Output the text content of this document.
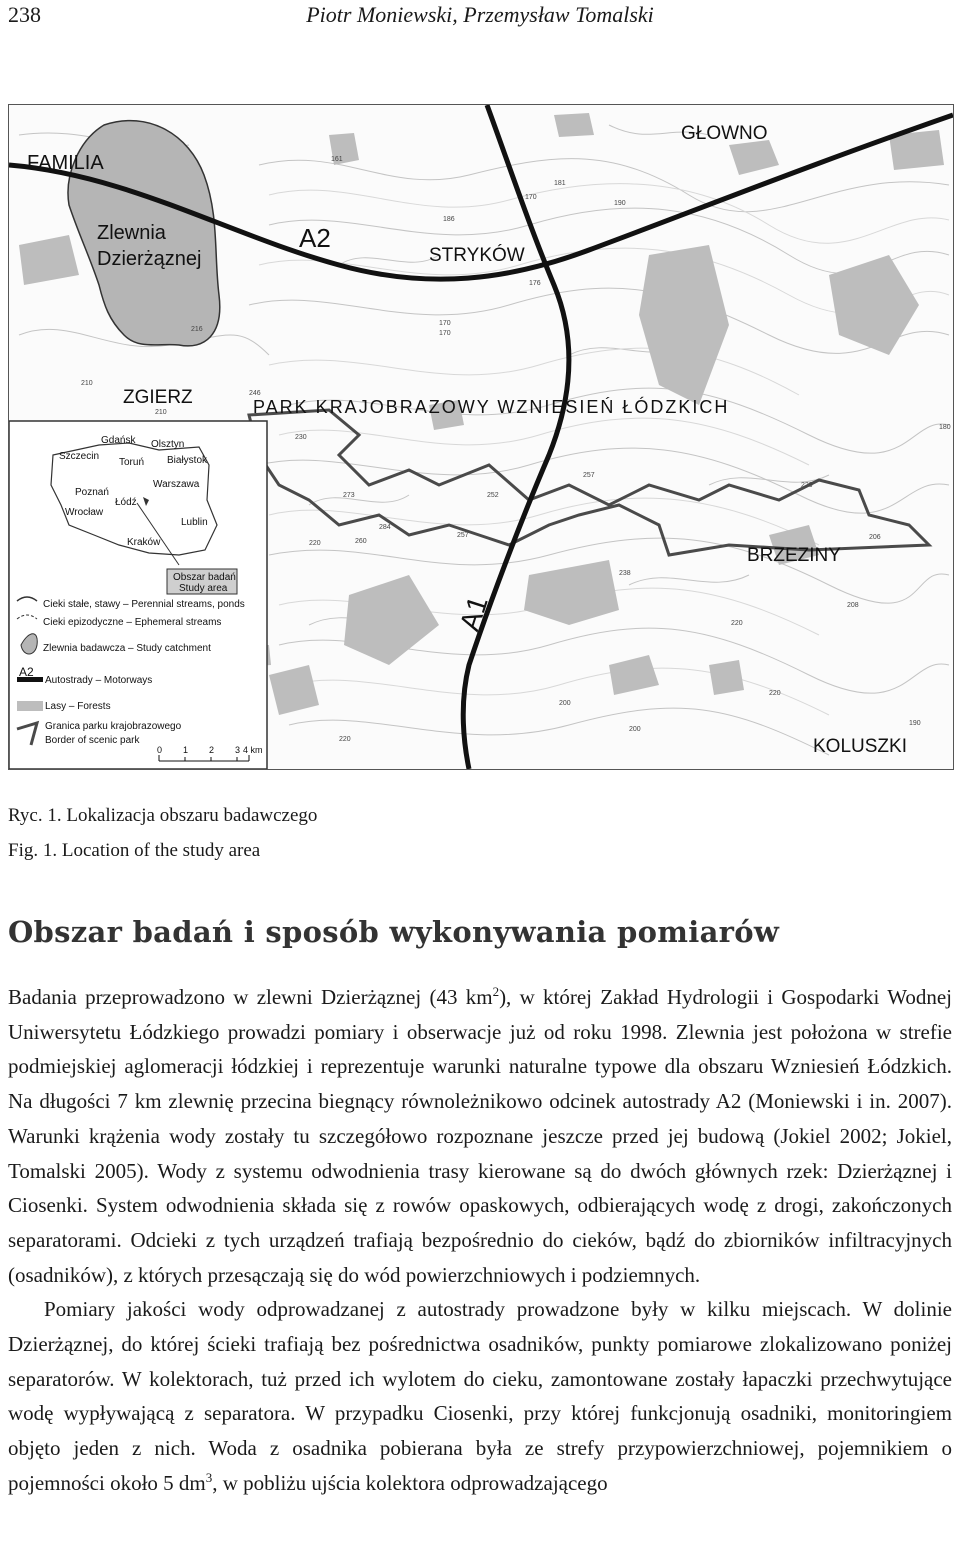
238	Piotr Moniewski, Przemysław Tomalski
FAMILIA
Zlewnia
Dzierżąznej
A2
STRYKÓW
GŁOWNO
ZGIERZ	PARK KRAJOBRAZOWY WZNIESIEŃ ŁÓDZKICH
BRZEZINY
A1
KOLUSZKI
161
170
181
190
186
176
170
210
210
216
230
246
273	252
257
229
284
260
257
238
206
220
200
180
208
220
220
220
190
200
170
Gdańsk Olsztyn
Szczecin
Toruń Białystok
Poznań
Warszawa
Łódź
Wrocław
Lublin
Kraków
Obszar badań
Study area
Cieki stałe, stawy – Perennial streams, ponds
Cieki epizodyczne – Ephemeral streams
Zlewnia badawcza – Study catchment
A2
Autostrady – Motorways
Lasy – Forests
Granica parku krajobrazowego
Border of scenic park
0 1 2 3 4 km
Ryc. 1. Lokalizacja obszaru badawczego
Fig. 1. Location of the study area
Obszar badań i sposób wykonywania pomiarów

Badania przeprowadzono w zlewni Dzierżąznej (43 $km^2$), w której Zakład Hydrologii i Gospodarki Wodnej Uniwersytetu Łódzkiego prowadzi pomiary i obserwacje już od roku 1998. Zlewnia jest położona w strefie podmiejskiej aglomeracji łódzkiej i reprezentuje warunki naturalne typowe dla obszaru Wzniesień Łódzkich. Na długości 7 km zlewnię przecina biegnący równoleżnikowo odcinek autostrady A2 (Moniewski i in. 2007). Warunki krążenia wody zostały tu szczegółowo rozpoznane jeszcze przed jej budową (Jokiel 2002; Jokiel, Tomalski 2005). Wody z systemu odwodnienia trasy kierowane są do dwóch głównych rzek: Dzierżąznej i Ciosenki. System odwodnienia składa się z rowów opaskowych, odbierających wodę z drogi, zakończonych separatorami. Odcieki z tych urządzeń trafiają bezpośrednio do cieków, bądź do zbiorników infiltracyjnych (osadników), z których przesączają się do wód powierzchniowych i podziemnych.

Pomiary jakości wody odprowadzanej z autostrady prowadzone były w kilku miejscach. W dolinie Dzierżąznej, do której ścieki trafiają bez pośrednictwa osadników, punkty pomiarowe zlokalizowano poniżej separatorów. W kolektorach, tuż przed ich wylotem do cieku, zamontowane zostały łapaczki przechwytujące wodę wypływającą z separatora. W przypadku Ciosenki, przy której funkcjonują osadniki, monitoringiem objęto jeden z nich. Woda z osadnika pobierana była ze strefy przypowierzchniowej, pojemnikiem o pojemności około 5 $dm^3$, w pobliżu ujścia kolektora odprowadzającego
